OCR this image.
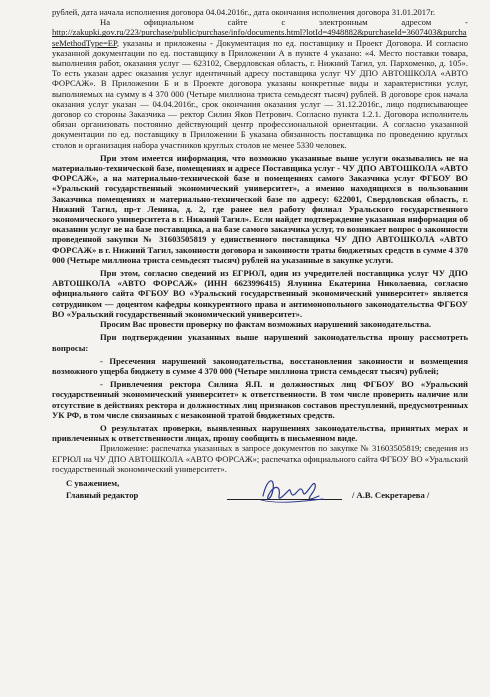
рублей, дата начала исполнения договора 04.04.2016г., дата окончания исполнения договора 31.01.2017г.

На	официальном	сайте	с	электронным	адресом	-

http://zakupki.gov.ru/223/purchase/public/purchase/info/documents.html?lotId=4948882&purchaseId=3607403&purchaseMethodType=EP, указаны и приложены - Документация по ед. поставщику и Проект Договора. И согласно указанной документации по ед. поставщику в Приложении А в пункте 4 указано: «4. Место поставки товара, выполнения работ, оказания услуг — 623102, Свердловская область, г. Нижний Тагил, ул. Пархоменко, д. 105». То есть указан адрес оказания услуг идентичный адресу поставщика услуг ЧУ ДПО АВТОШКОЛА «АВТО ФОРСАЖ». В Приложении Б и в Проекте договора указаны конкретные виды и характеристики услуг, выполняемых на сумму в 4 370 000 (Четыре миллиона триста семьдесят тысяч) рублей. В договоре срок начала оказания услуг указан — 04.04.2016г., срок окончания оказания услуг — 31.12.2016г., лицо подписывающее договор со стороны Заказчика — ректор Силин Яков Петрович. Согласно пункта 1.2.1. Договора исполнитель обязан организовать постоянно действующий центр профессиональной ориентации. А согласно указанной документации по ед. поставщику в Приложении Б указана обязанность поставщика по проведению круглых столов и организация набора участников круглых столов не менее 5330 человек.

При этом имеется информация, что возможно указанные выше услуги оказывались не на материально-технической базе, помещениях и адресе Поставщика услуг - ЧУ ДПО АВТОШКОЛА «АВТО ФОРСАЖ», а на материально-технической базе и помещениях самого Заказчика услуг ФГБОУ ВО «Уральский государственный экономический университет», а именно находящихся в пользовании Заказчика помещениях и материально-технической базе по адресу: 622001, Свердловская область, г. Нижний Тагил, пр-т Ленина, д. 2, где ранее вел работу филиал Уральского государственного экономического университета в г. Нижний Тагил». Если найдет подтверждение указанная информация об оказании услуг не на базе поставщика, а на базе самого заказчика услуг, то возникает вопрос о законности проведенной закупки № 31603505819 у единственного поставщика ЧУ ДПО АВТОШКОЛА «АВТО ФОРСАЖ» в г. Нижний Тагил, законности договора и законности траты бюджетных средств в сумме 4 370 000 (Четыре миллиона триста семьдесят тысяч) рублей на указанные в закупке услуги.

При этом, согласно сведений из ЕГРЮЛ, один из учредителей поставщика услуг ЧУ ДПО АВТОШКОЛА «АВТО ФОРСАЖ» (ИНН 6623996415) Ялунина Екатерина Николаевна, согласно официального сайта ФГБОУ ВО «Уральский государственный экономический университет» является сотрудником — доцентом кафедры конкурентного права и антимонопольного законодательства ФГБОУ ВО «Уральский государственный экономический университет».

Просим Вас провести проверку по фактам возможных нарушений законодательства.

При подтверждении указанных выше нарушений законодательства прошу рассмотреть вопросы:

- Пресечения нарушений законодательства, восстановления законности и возмещения возможного ущерба бюджету в сумме 4 370 000 (Четыре миллиона триста семьдесят тысяч) рублей;

- Привлечения ректора Силина Я.П. и должностных лиц ФГБОУ ВО «Уральский государственный экономический университет» к ответственности. В том числе проверить наличие или отсутствие в действиях ректора и должностных лиц признаков составов преступлений, предусмотренных УК РФ, в том числе связанных с незаконной тратой бюджетных средств.

О результатах проверки, выявленных нарушениях законодательства, принятых мерах и привлеченных к ответственности лицах, прошу сообщить в письменном виде.

Приложение: распечатка указанных в запросе документов по закупке № 31603505819; сведения из ЕГРЮЛ на ЧУ ДПО АВТОШКОЛА «АВТО ФОРСАЖ»; распечатка официального сайта ФГБОУ ВО «Уральский государственный экономический университет».

С уважением,
Главный редактор	/ А.В. Секретарева /
